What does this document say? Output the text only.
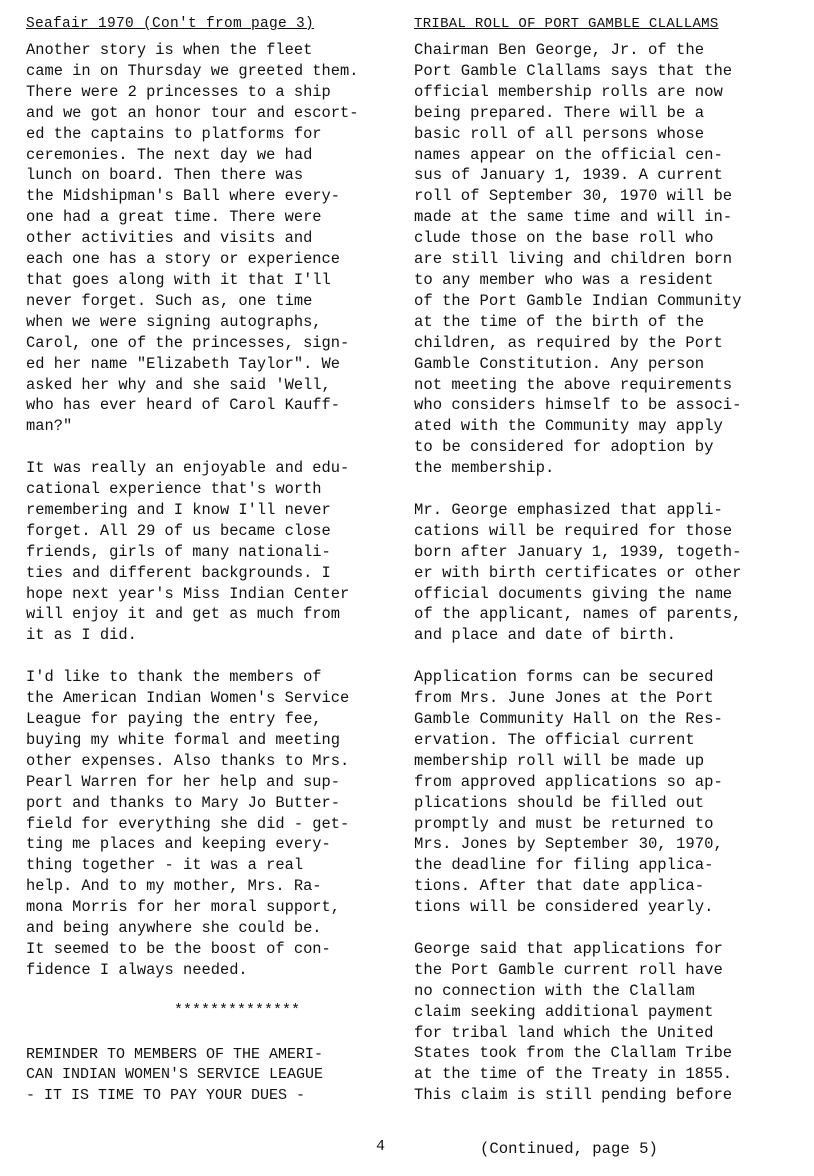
Seafair 1970 (Con't from page 3)

Another story is when the fleet
came in on Thursday we greeted them.
There were 2 princesses to a ship
and we got an honor tour and escort-
ed the captains to platforms for
ceremonies. The next day we had
lunch on board. Then there was
the Midshipman's Ball where every-
one had a great time. There were
other activities and visits and
each one has a story or experience
that goes along with it that I'll
never forget. Such as, one time
when we were signing autographs,
Carol, one of the princesses, sign-
ed her name "Elizabeth Taylor". We
asked her why and she said 'Well,
who has ever heard of Carol Kauff-
man?"

It was really an enjoyable and edu-
cational experience that's worth
remembering and I know I'll never
forget. All 29 of us became close
friends, girls of many nationali-
ties and different backgrounds. I
hope next year's Miss Indian Center
will enjoy it and get as much from
it as I did.

I'd like to thank the members of
the American Indian Women's Service
League for paying the entry fee,
buying my white formal and meeting
other expenses. Also thanks to Mrs.
Pearl Warren for her help and sup-
port and thanks to Mary Jo Butter-
field for everything she did - get-
ting me places and keeping every-
thing together - it was a real
help. And to my mother, Mrs. Ra-
mona Morris for her moral support,
and being anywhere she could be.
It seemed to be the boost of con-
fidence I always needed.

**************
REMINDER TO MEMBERS OF THE AMERI-
CAN INDIAN WOMEN'S SERVICE LEAGUE
- IT IS TIME TO PAY YOUR DUES -
TRIBAL ROLL OF PORT GAMBLE CLALLAMS

Chairman Ben George, Jr. of the
Port Gamble Clallams says that the
official membership rolls are now
being prepared. There will be a
basic roll of all persons whose
names appear on the official cen-
sus of January 1, 1939. A current
roll of September 30, 1970 will be
made at the same time and will in-
clude those on the base roll who
are still living and children born
to any member who was a resident
of the Port Gamble Indian Community
at the time of the birth of the
children, as required by the Port
Gamble Constitution. Any person
not meeting the above requirements
who considers himself to be associ-
ated with the Community may apply
to be considered for adoption by
the membership.

Mr. George emphasized that appli-
cations will be required for those
born after January 1, 1939, togeth-
er with birth certificates or other
official documents giving the name
of the applicant, names of parents,
and place and date of birth.

Application forms can be secured
from Mrs. June Jones at the Port
Gamble Community Hall on the Res-
ervation. The official current
membership roll will be made up
from approved applications so ap-
plications should be filled out
promptly and must be returned to
Mrs. Jones by September 30, 1970,
the deadline for filing applica-
tions. After that date applica-
tions will be considered yearly.

George said that applications for
the Port Gamble current roll have
no connection with the Clallam
claim seeking additional payment
for tribal land which the United
States took from the Clallam Tribe
at the time of the Treaty in 1855.
This claim is still pending before

4	(Continued, page 5)
